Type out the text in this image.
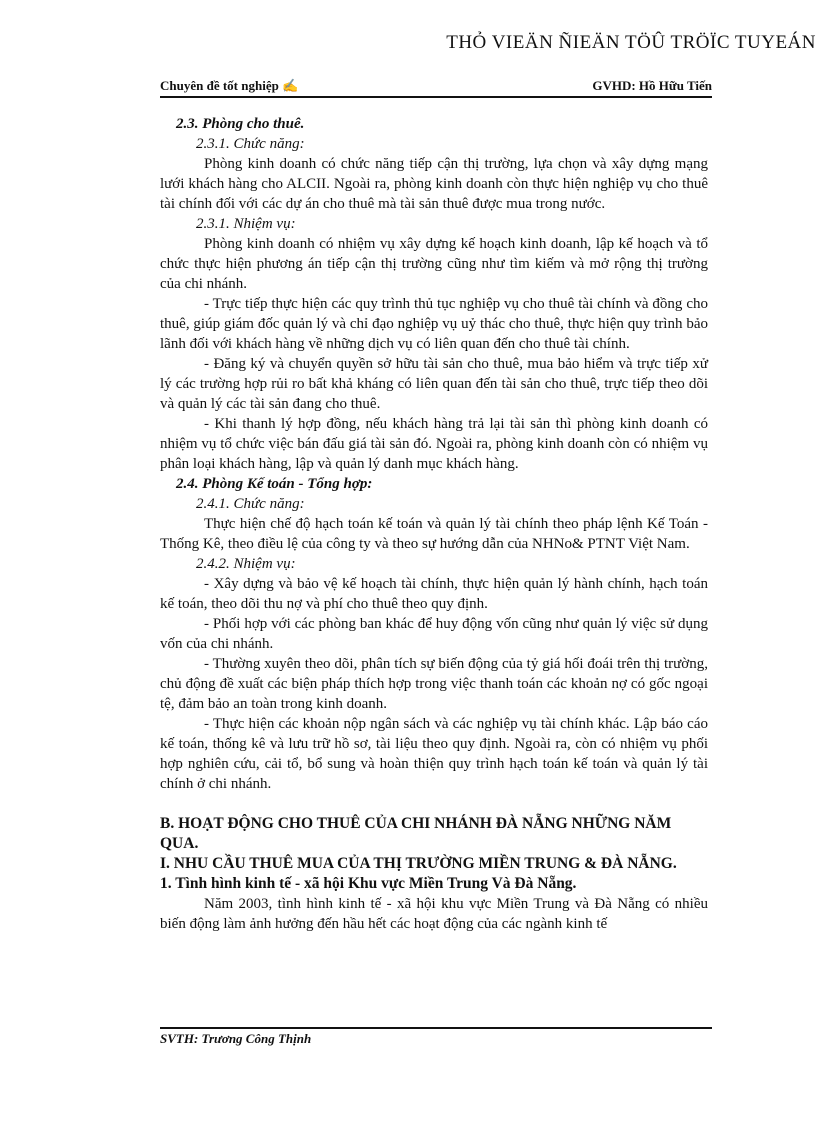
THỎ VIEÄN ÑIEÄN TÖÛ TRÖÏC TUYEÁN
Chuyên đề tốt nghiệp ✍	GVHD: Hồ Hữu Tiến

2.3. Phòng cho thuê.

2.3.1. Chức năng:

Phòng kinh doanh có chức năng tiếp cận thị trường, lựa chọn và xây dựng mạng lưới khách hàng cho ALCII. Ngoài ra, phòng kinh doanh còn thực hiện nghiệp vụ cho thuê tài chính đối với các dự án cho thuê mà tài sản thuê được mua trong nước.

2.3.1. Nhiệm vụ:

Phòng kinh doanh có nhiệm vụ xây dựng kế hoạch kinh doanh, lập kế hoạch và tổ chức thực hiện phương án tiếp cận thị trường cũng như tìm kiếm và mở rộng thị trường của chi nhánh.

- Trực tiếp thực hiện các quy trình thủ tục nghiệp vụ cho thuê tài chính và đồng cho thuê, giúp giám đốc quản lý và chỉ đạo nghiệp vụ uỷ thác cho thuê, thực hiện quy trình bảo lãnh đối với khách hàng về những dịch vụ có liên quan đến cho thuê tài chính.

- Đăng ký và chuyển quyền sở hữu tài sản cho thuê, mua bảo hiểm và trực tiếp xử lý các trường hợp rủi ro bất khả kháng có liên quan đến tài sản cho thuê, trực tiếp theo dõi và quản lý các tài sản đang cho thuê.

- Khi thanh lý hợp đồng, nếu khách hàng trả lại tài sản thì phòng kinh doanh có nhiệm vụ tổ chức việc bán đấu giá tài sản đó. Ngoài ra, phòng kinh doanh còn có nhiệm vụ phân loại khách hàng, lập và quản lý danh mục khách hàng.

2.4. Phòng Kế toán - Tổng hợp:

2.4.1. Chức năng:

Thực hiện chế độ hạch toán kế toán và quản lý tài chính theo pháp lệnh Kế Toán - Thống Kê, theo điều lệ của công ty và theo sự hướng dẫn của NHNo& PTNT Việt Nam.

2.4.2. Nhiệm vụ:

- Xây dựng và bảo vệ kế hoạch tài chính, thực hiện quản lý hành chính, hạch toán kế toán, theo dõi thu nợ và phí cho thuê theo quy định.

- Phối hợp với các phòng ban khác để huy động vốn cũng như quản lý việc sử dụng vốn của chi nhánh.

- Thường xuyên theo dõi, phân tích sự biến động của tỷ giá hối đoái trên thị trường, chủ động đề xuất các biện pháp thích hợp trong việc thanh toán các khoản nợ có gốc ngoại tệ, đảm bảo an toàn trong kinh doanh.

- Thực hiện các khoản nộp ngân sách và các nghiệp vụ tài chính khác. Lập báo cáo kế toán, thống kê và lưu trữ hồ sơ, tài liệu theo quy định. Ngoài ra, còn có nhiệm vụ phối hợp nghiên cứu, cải tổ, bổ sung và hoàn thiện quy trình hạch toán kế toán và quản lý tài chính ở chi nhánh.

B. HOẠT ĐỘNG CHO THUÊ CỦA CHI NHÁNH ĐÀ NẴNG NHỮNG NĂM QUA.

I. NHU CẦU THUÊ MUA CỦA THỊ TRƯỜNG MIỀN TRUNG & ĐÀ NẴNG.

1. Tình hình kinh tế - xã hội Khu vực Miền Trung Và Đà Nẵng.

Năm 2003, tình hình kinh tế - xã hội khu vực Miền Trung và Đà Nẵng có nhiều biến động làm ảnh hưởng đến hầu hết các hoạt động của các ngành kinh tế

SVTH: Trương Công Thịnh
